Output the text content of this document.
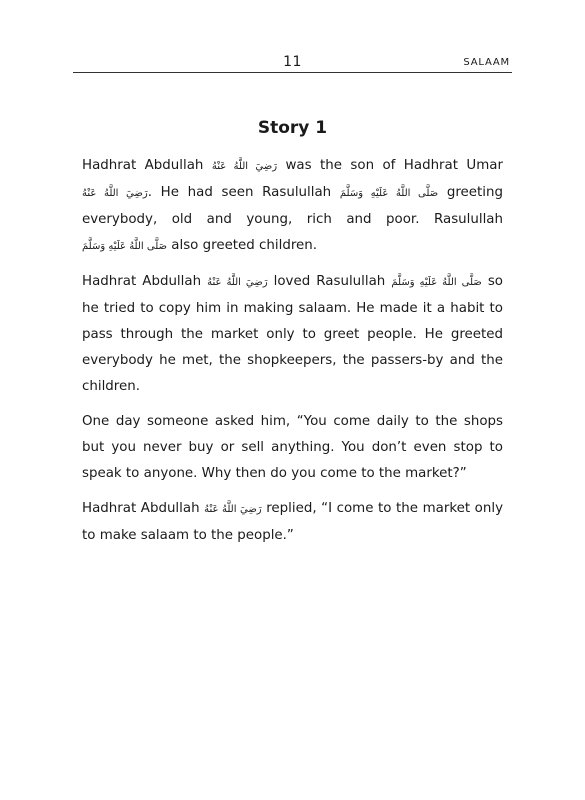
11	SALAAM
Story 1

Hadhrat Abdullah رَضِيَ اللَّهُ عَنْهُ was the son of Hadhrat Umar رَضِيَ اللَّهُ عَنْهُ. He had seen Rasulullah صَلَّى اللَّهُ عَلَيْهِ وَسَلَّمَ greeting everybody, old and young, rich and poor. Rasulullah صَلَّى اللَّهُ عَلَيْهِ وَسَلَّمَ also greeted children.

Hadhrat Abdullah رَضِيَ اللَّهُ عَنْهُ loved Rasulullah صَلَّى اللَّهُ عَلَيْهِ وَسَلَّمَ so he tried to copy him in making salaam. He made it a habit to pass through the market only to greet people. He greeted everybody he met, the shopkeepers, the passers-by and the children.

One day someone asked him, “You come daily to the shops but you never buy or sell anything. You don’t even stop to speak to anyone. Why then do you come to the market?”

Hadhrat Abdullah رَضِيَ اللَّهُ عَنْهُ replied, “I come to the market only to make salaam to the people.”
